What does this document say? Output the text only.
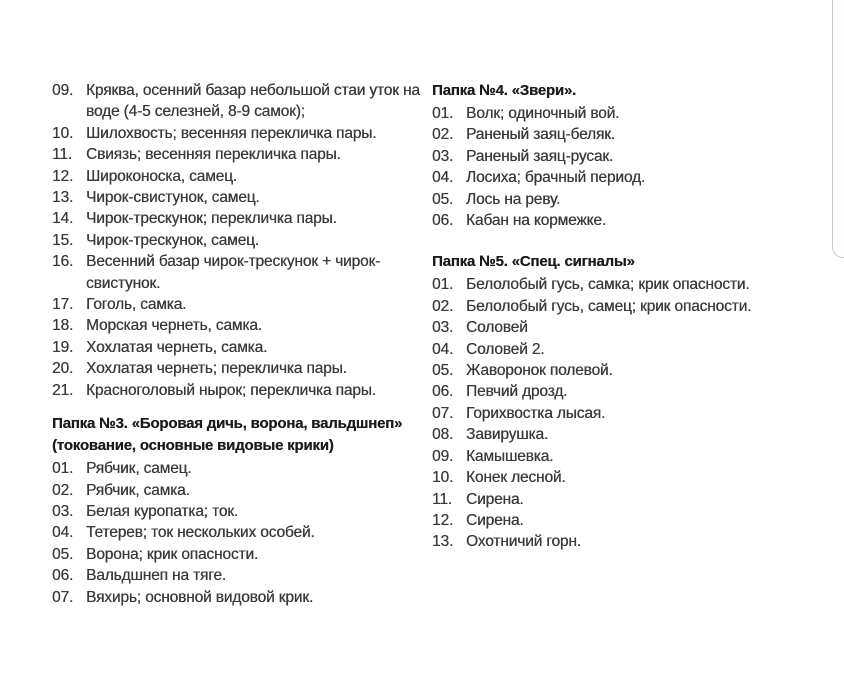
09. Кряква, осенний базар небольшой стаи уток на воде (4-5 селезней, 8-9 самок);
10. Шилохвость; весенняя перекличка пары.
11. Свиязь; весенняя перекличка пары.
12. Широконоска, самец.
13. Чирок-свистунок, самец.
14. Чирок-трескунок; перекличка пары.
15. Чирок-трескунок, самец.
16. Весенний базар чирок-трескунок + чирок-свистунок.
17. Гоголь, самка.
18. Морская чернеть, самка.
19. Хохлатая чернеть, самка.
20. Хохлатая чернеть; перекличка пары.
21. Красноголовый нырок; перекличка пары.
Папка №3. «Боровая дичь, ворона, вальдшнеп» (токование, основные видовые крики)
01. Рябчик, самец.
02. Рябчик, самка.
03. Белая куропатка; ток.
04. Тетерев; ток нескольких особей.
05. Ворона; крик опасности.
06. Вальдшнеп на тяге.
07. Вяхирь; основной видовой крик.
Папка №4. «Звери».
01. Волк; одиночный вой.
02. Раненый заяц-беляк.
03. Раненый заяц-русак.
04. Лосиха; брачный период.
05. Лось на реву.
06. Кабан на кормежке.
Папка №5. «Спец. сигналы»
01. Белолобый гусь, самка; крик опасности.
02. Белолобый гусь, самец; крик опасности.
03. Соловей
04. Соловей 2.
05. Жаворонок полевой.
06. Певчий дрозд.
07. Горихвостка лысая.
08. Завирушка.
09. Камышевка.
10. Конек лесной.
11. Сирена.
12. Сирена.
13. Охотничий горн.
